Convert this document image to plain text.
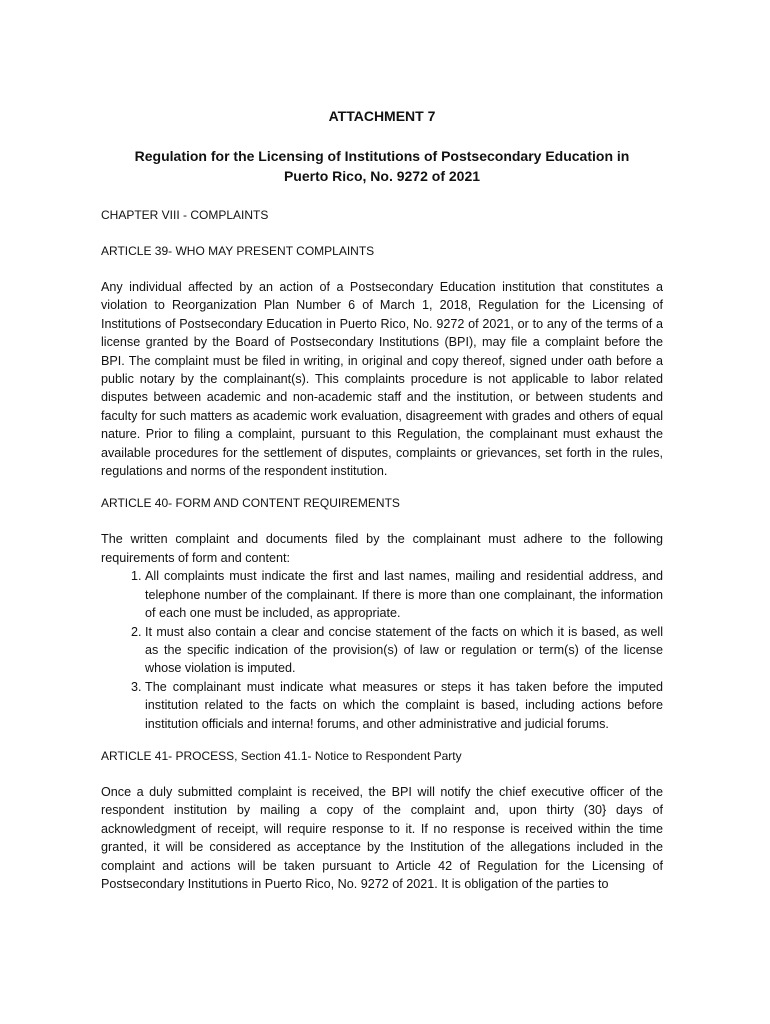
ATTACHMENT 7

Regulation for the Licensing of Institutions of Postsecondary Education in
Puerto Rico, No. 9272 of 2021

CHAPTER VIII - COMPLAINTS

ARTICLE 39- WHO MAY PRESENT COMPLAINTS

Any individual affected by an action of a Postsecondary Education institution that constitutes a violation to Reorganization Plan Number 6 of March 1, 2018, Regulation for the Licensing of Institutions of Postsecondary Education in Puerto Rico, No. 9272 of 2021, or to any of the terms of a license granted by the Board of Postsecondary Institutions (BPI), may file a complaint before the BPI. The complaint must be filed in writing, in original and copy thereof, signed under oath before a public notary by the complainant(s). This complaints procedure is not applicable to labor related disputes between academic and non-academic staff and the institution, or between students and faculty for such matters as academic work evaluation, disagreement with grades and others of equal nature. Prior to filing a complaint, pursuant to this Regulation, the complainant must exhaust the available procedures for the settlement of disputes, complaints or grievances, set forth in the rules, regulations and norms of the respondent institution.

ARTICLE 40- FORM AND CONTENT REQUIREMENTS

The written complaint and documents filed by the complainant must adhere to the following requirements of form and content:

1. All complaints must indicate the first and last names, mailing and residential address, and telephone number of the complainant. If there is more than one complainant, the information of each one must be included, as appropriate.
2. It must also contain a clear and concise statement of the facts on which it is based, as well as the specific indication of the provision(s) of law or regulation or term(s) of the license whose violation is imputed.
3. The complainant must indicate what measures or steps it has taken before the imputed institution related to the facts on which the complaint is based, including actions before institution officials and interna! forums, and other administrative and judicial forums.

ARTICLE 41- PROCESS, Section 41.1- Notice to Respondent Party

Once a duly submitted complaint is received, the BPI will notify the chief executive officer of the respondent institution by mailing a copy of the complaint and, upon thirty (30} days of acknowledgment of receipt, will require response to it. If no response is received within the time granted, it will be considered as acceptance by the Institution of the allegations included in the complaint and actions will be taken pursuant to Article 42 of Regulation for the Licensing of Postsecondary Institutions in Puerto Rico, No. 9272 of 2021. It is obligation of the parties to
